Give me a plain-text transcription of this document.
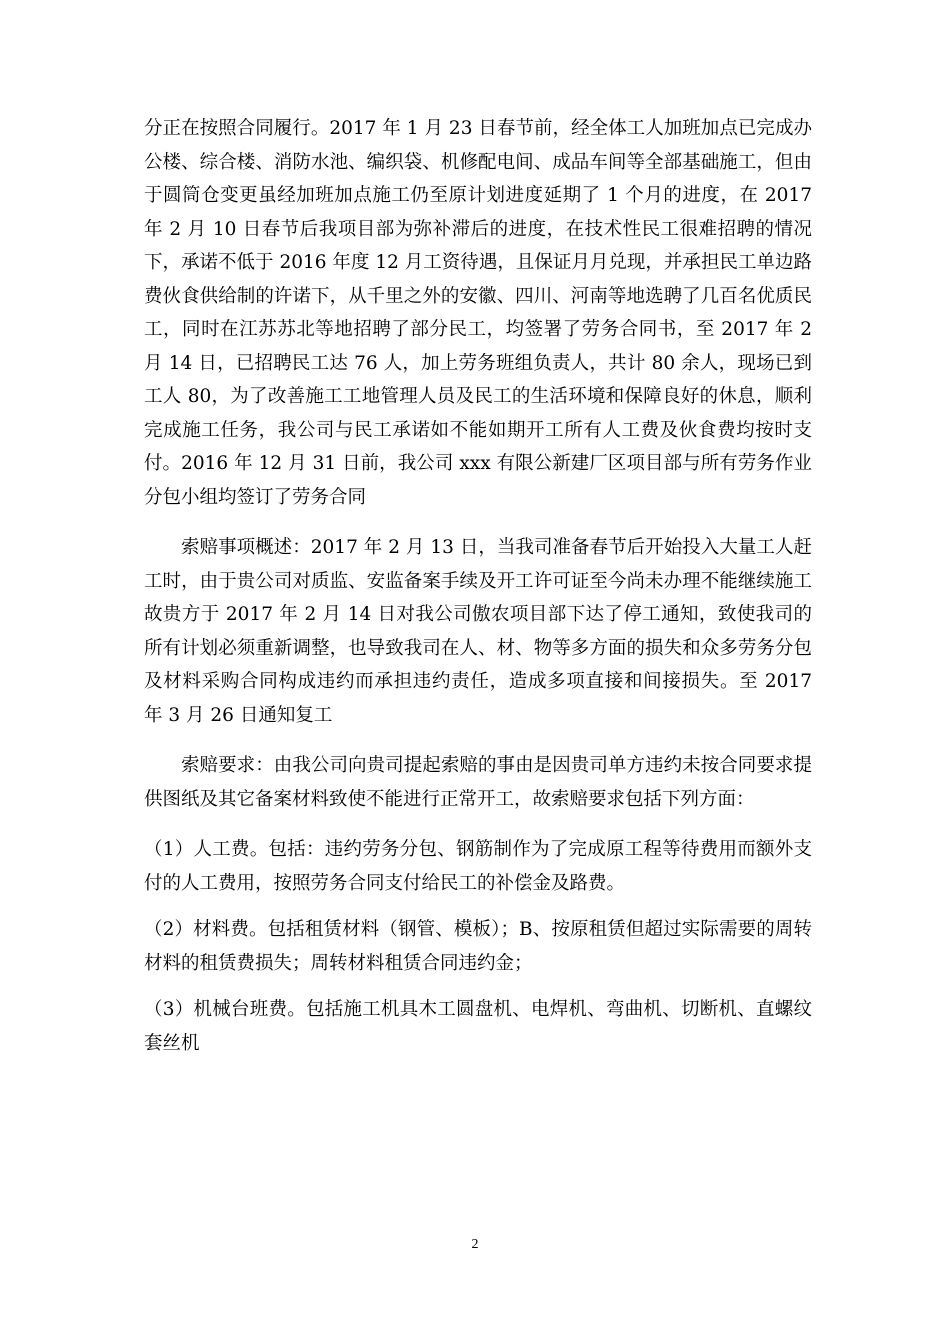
分正在按照合同履行。2017 年 1 月 23 日春节前，经全体工人加班加点已完成办公楼、综合楼、消防水池、编织袋、机修配电间、成品车间等全部基础施工，但由于圆筒仓变更虽经加班加点施工仍至原计划进度延期了 1 个月的进度，在 2017 年 2 月 10 日春节后我项目部为弥补滞后的进度，在技术性民工很难招聘的情况下，承诺不低于 2016 年度 12 月工资待遇，且保证月月兑现，并承担民工单边路费伙食供给制的许诺下，从千里之外的安徽、四川、河南等地选聘了几百名优质民工，同时在江苏苏北等地招聘了部分民工，均签署了劳务合同书，至 2017 年 2 月 14 日，已招聘民工达 76 人，加上劳务班组负责人，共计 80 余人，现场已到工人 80，为了改善施工工地管理人员及民工的生活环境和保障良好的休息，顺利完成施工任务，我公司与民工承诺如不能如期开工所有人工费及伙食费均按时支付。2016 年 12 月 31 日前，我公司 xxx 有限公新建厂区项目部与所有劳务作业分包小组均签订了劳务合同

索赔事项概述：2017 年 2 月 13 日，当我司准备春节后开始投入大量工人赶工时，由于贵公司对质监、安监备案手续及开工许可证至今尚未办理不能继续施工故贵方于 2017 年 2 月 14 日对我公司傲农项目部下达了停工通知，致使我司的所有计划必须重新调整，也导致我司在人、材、物等多方面的损失和众多劳务分包及材料采购合同构成违约而承担违约责任，造成多项直接和间接损失。至 2017 年 3 月 26 日通知复工

索赔要求：由我公司向贵司提起索赔的事由是因贵司单方违约未按合同要求提供图纸及其它备案材料致使不能进行正常开工，故索赔要求包括下列方面：

（1）人工费。包括：违约劳务分包、钢筋制作为了完成原工程等待费用而额外支付的人工费用，按照劳务合同支付给民工的补偿金及路费。

（2）材料费。包括租赁材料（钢管、模板）；B、按原租赁但超过实际需要的周转材料的租赁费损失；周转材料租赁合同违约金；

（3）机械台班费。包括施工机具木工圆盘机、电焊机、弯曲机、切断机、直螺纹套丝机

2
